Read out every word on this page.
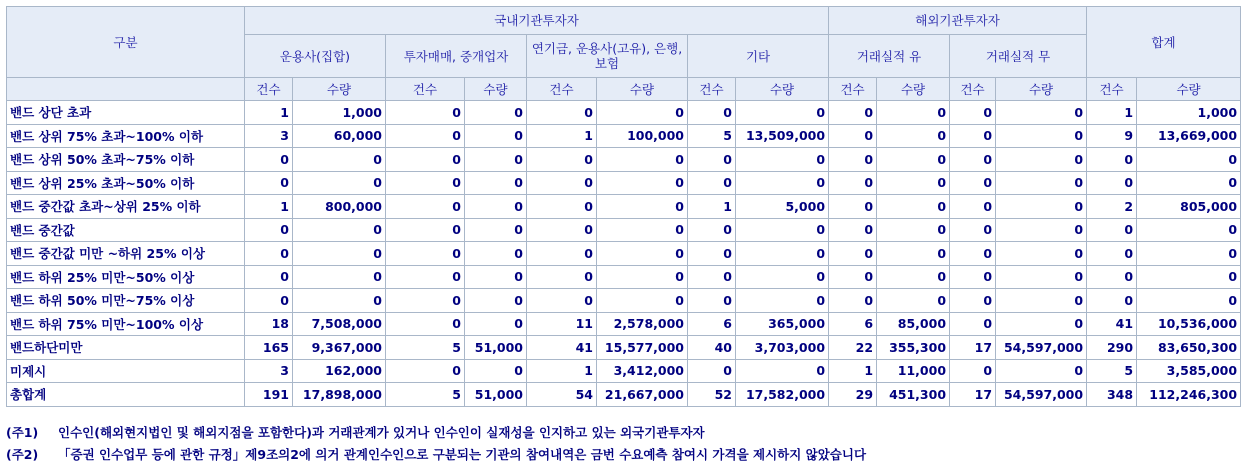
구분	국내기관투자자								해외기관투자자				합계	
	운용사(집합)		투자매매, 중개업자		연기금, 운용사(고유), 은행, 보험		기타		거래실적 유		거래실적 무			
	건수	수량	건수	수량	건수	수량	건수	수량	건수	수량	건수	수량	건수	수량
밴드 상단 초과	1	1,000	0	0	0	0	0	0	0	0	0	0	1	1,000
밴드 상위 75% 초과~100% 이하	3	60,000	0	0	1	100,000	5	13,509,000	0	0	0	0	9	13,669,000
밴드 상위 50% 초과~75% 이하	0	0	0	0	0	0	0	0	0	0	0	0	0	0
밴드 상위 25% 초과~50% 이하	0	0	0	0	0	0	0	0	0	0	0	0	0	0
밴드 중간값 초과~상위 25% 이하	1	800,000	0	0	0	0	1	5,000	0	0	0	0	2	805,000
밴드 중간값	0	0	0	0	0	0	0	0	0	0	0	0	0	0
밴드 중간값 미만 ~하위 25% 이상	0	0	0	0	0	0	0	0	0	0	0	0	0	0
밴드 하위 25% 미만~50% 이상	0	0	0	0	0	0	0	0	0	0	0	0	0	0
밴드 하위 50% 미만~75% 이상	0	0	0	0	0	0	0	0	0	0	0	0	0	0
밴드 하위 75% 미만~100% 이상	18	7,508,000	0	0	11	2,578,000	6	365,000	6	85,000	0	0	41	10,536,000
밴드하단미만	165	9,367,000	5	51,000	41	15,577,000	40	3,703,000	22	355,300	17	54,597,000	290	83,650,300
미제시	3	162,000	0	0	1	3,412,000	0	0	1	11,000	0	0	5	3,585,000
총합계	191	17,898,000	5	51,000	54	21,667,000	52	17,582,000	29	451,300	17	54,597,000	348	112,246,300
(주1) 인수인(해외현지법인 및 해외지점을 포함한다)과 거래관계가 있거나 인수인이 실재성을 인지하고 있는 외국기관투자자
(주2) 「증권 인수업무 등에 관한 규정」제9조의2에 의거 관계인수인으로 구분되는 기관의 참여내역은 금번 수요예측 참여시 가격을 제시하지 않았습니다
